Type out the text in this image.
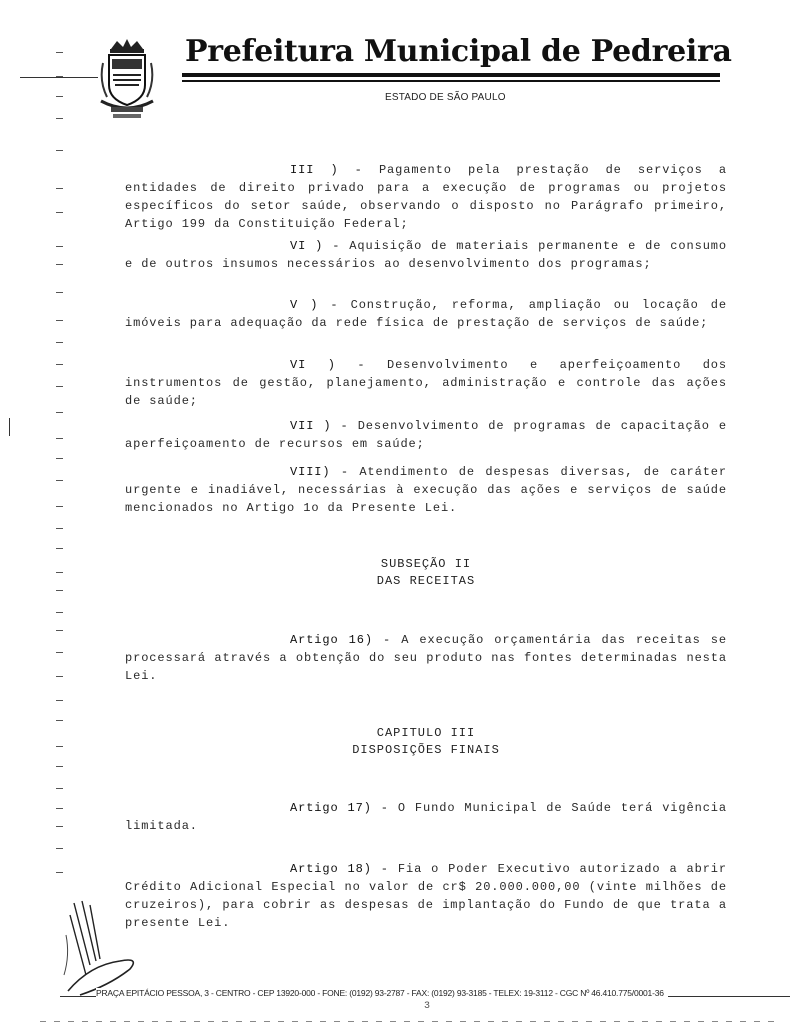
Prefeitura Municipal de Pedreira
ESTADO DE SÃO PAULO
III ) - Pagamento pela prestação de serviços a entidades de direito privado para a execução de programas ou projetos específicos do setor saúde, observando o disposto no Parágrafo primeiro, Artigo 199 da Constituição Federal;
VI ) - Aquisição de materiais permanente e de consumo e de outros insumos necessários ao desenvolvimento dos programas;
V ) - Construção, reforma, ampliação ou locação de imóveis para adequação da rede física de prestação de serviços de saúde;
VI ) - Desenvolvimento e aperfeiçoamento dos instrumentos de gestão, planejamento, administração e controle das ações de saúde;
VII ) - Desenvolvimento de programas de capacitação e aperfeiçoamento de recursos em saúde;
VIII) - Atendimento de despesas diversas, de caráter urgente e inadiável, necessárias à execução das ações e serviços de saúde mencionados no Artigo 1o da Presente Lei.
SUBSEÇÃO II
DAS RECEITAS
Artigo 16) - A execução orçamentária das receitas se processará através a obtenção do seu produto nas fontes determinadas nesta Lei.
CAPITULO III
DISPOSIÇÕES FINAIS
Artigo 17) - O Fundo Municipal de Saúde terá vigência limitada.
Artigo 18) - Fia o Poder Executivo autorizado a abrir Crédito Adicional Especial no valor de cr$ 20.000.000,00 (vinte milhões de cruzeiros), para cobrir as despesas de implantação do Fundo de que trata a presente Lei.
PRAÇA EPITÁCIO PESSOA, 3 - CENTRO - CEP 13920-000 - FONE: (0192) 93-2787 - FAX: (0192) 93-3185 - TELEX: 19-3112 - CGC Nº 46.410.775/0001-36
3
